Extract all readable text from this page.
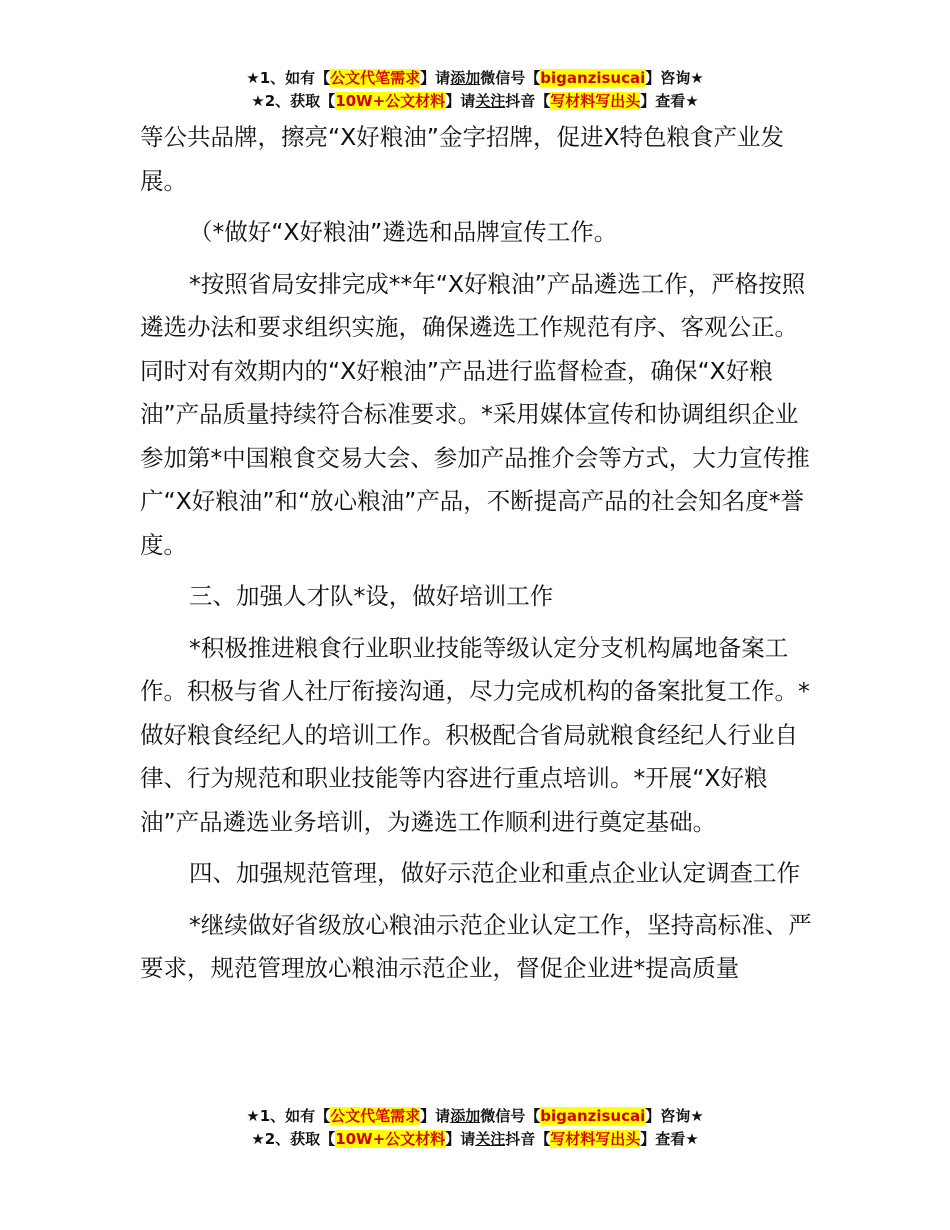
★1、如有【公文代笔需求】请添加微信号【biganzisucai】咨询★
★2、获取【10W+公文材料】请关注抖音【写材料写出头】查看★

等公共品牌，擦亮“X好粮油”金字招牌，促进X特色粮食产业发展。

（*做好“X好粮油”遴选和品牌宣传工作。

*按照省局安排完成**年“X好粮油”产品遴选工作，严格按照遴选办法和要求组织实施，确保遴选工作规范有序、客观公正。同时对有效期内的“X好粮油”产品进行监督检查，确保“X好粮油”产品质量持续符合标准要求。*采用媒体宣传和协调组织企业参加第*中国粮食交易大会、参加产品推介会等方式，大力宣传推广“X好粮油”和“放心粮油”产品，不断提高产品的社会知名度*誉度。

三、加强人才队*设，做好培训工作

*积极推进粮食行业职业技能等级认定分支机构属地备案工作。积极与省人社厅衔接沟通，尽力完成机构的备案批复工作。*做好粮食经纪人的培训工作。积极配合省局就粮食经纪人行业自律、行为规范和职业技能等内容进行重点培训。*开展“X好粮油”产品遴选业务培训，为遴选工作顺利进行奠定基础。

四、加强规范管理，做好示范企业和重点企业认定调查工作

*继续做好省级放心粮油示范企业认定工作，坚持高标准、严要求，规范管理放心粮油示范企业，督促企业进*提高质量

★1、如有【公文代笔需求】请添加微信号【biganzisucai】咨询★
★2、获取【10W+公文材料】请关注抖音【写材料写出头】查看★
